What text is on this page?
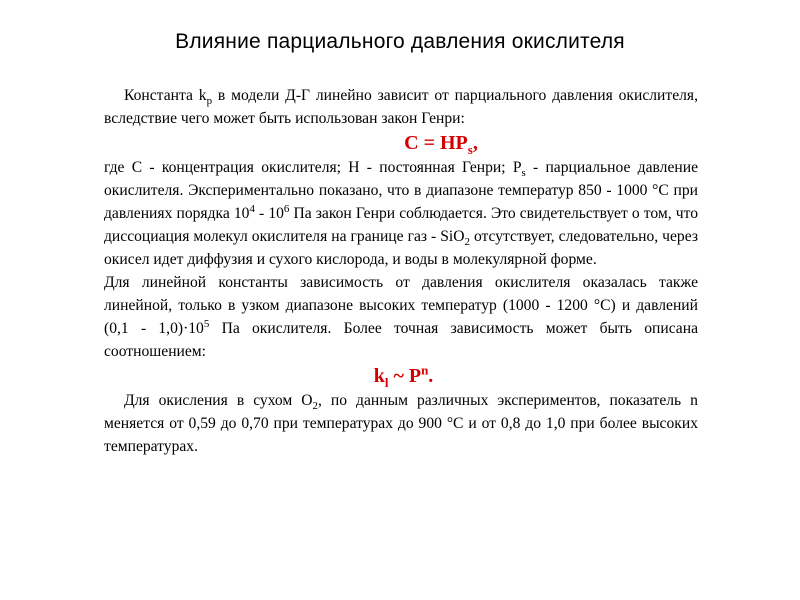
Влияние парциального давления окислителя

Константа $k_p$ в модели Д-Г линейно зависит от парциального давления окислителя, вследствие чего может быть использован закон Генри:

$C = HP_s$,

где С - концентрация окислителя; H - постоянная Генри; $P_s$ - парциальное давление окислителя. Экспериментально показано, что в диапазоне температур 850 - 1000 °C при давлениях порядка $10^4 - 10^6$ Па закон Генри соблюдается. Это свидетельствует о том, что диссоциация молекул окислителя на границе газ - SiO$_2$ отсутствует, следовательно, через окисел идет диффузия и сухого кислорода, и воды в молекулярной форме.

Для линейной константы зависимость от давления окислителя оказалась также линейной, только в узком диапазоне высоких температур (1000 - 1200 °C) и давлений $(0,1 - 1,0)\cdot 10^5$ Па окислителя. Более точная зависимость может быть описана соотношением:

$k_l$ ~ $P^n$.

Для окисления в сухом $O_2$, по данным различных экспериментов, показатель n меняется от 0,59 до 0,70 при температурах до 900 °C и от 0,8 до 1,0 при более высоких температурах.
